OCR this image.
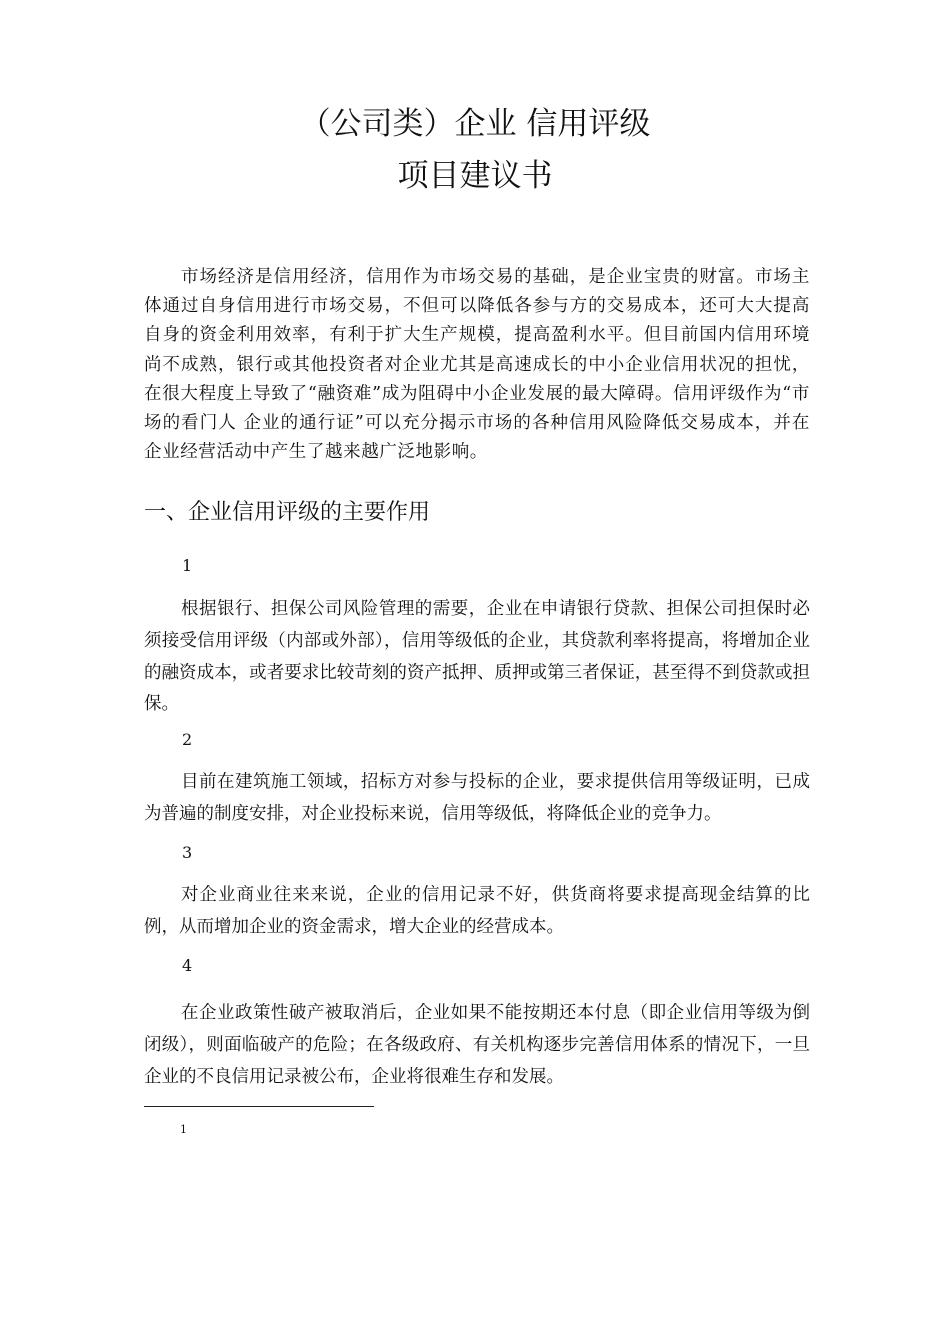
（公司类）企业 信用评级
项目建议书

市场经济是信用经济，信用作为市场交易的基础，是企业宝贵的财富。市场主体通过自身信用进行市场交易，不但可以降低各参与方的交易成本，还可大大提高自身的资金利用效率，有利于扩大生产规模，提高盈利水平。但目前国内信用环境尚不成熟，银行或其他投资者对企业尤其是高速成长的中小企业信用状况的担忧，在很大程度上导致了“融资难”成为阻碍中小企业发展的最大障碍。信用评级作为“市场的看门人 企业的通行证”可以充分揭示市场的各种信用风险降低交易成本，并在企业经营活动中产生了越来越广泛地影响。

一、企业信用评级的主要作用

1

根据银行、担保公司风险管理的需要，企业在申请银行贷款、担保公司担保时必须接受信用评级（内部或外部），信用等级低的企业，其贷款利率将提高，将增加企业的融资成本，或者要求比较苛刻的资产抵押、质押或第三者保证，甚至得不到贷款或担保。

2

目前在建筑施工领域，招标方对参与投标的企业，要求提供信用等级证明，已成为普遍的制度安排，对企业投标来说，信用等级低，将降低企业的竞争力。

3

对企业商业往来来说，企业的信用记录不好，供货商将要求提高现金结算的比例，从而增加企业的资金需求，增大企业的经营成本。

4

在企业政策性破产被取消后，企业如果不能按期还本付息（即企业信用等级为倒闭级），则面临破产的危险；在各级政府、有关机构逐步完善信用体系的情况下，一旦企业的不良信用记录被公布，企业将很难生存和发展。

1
